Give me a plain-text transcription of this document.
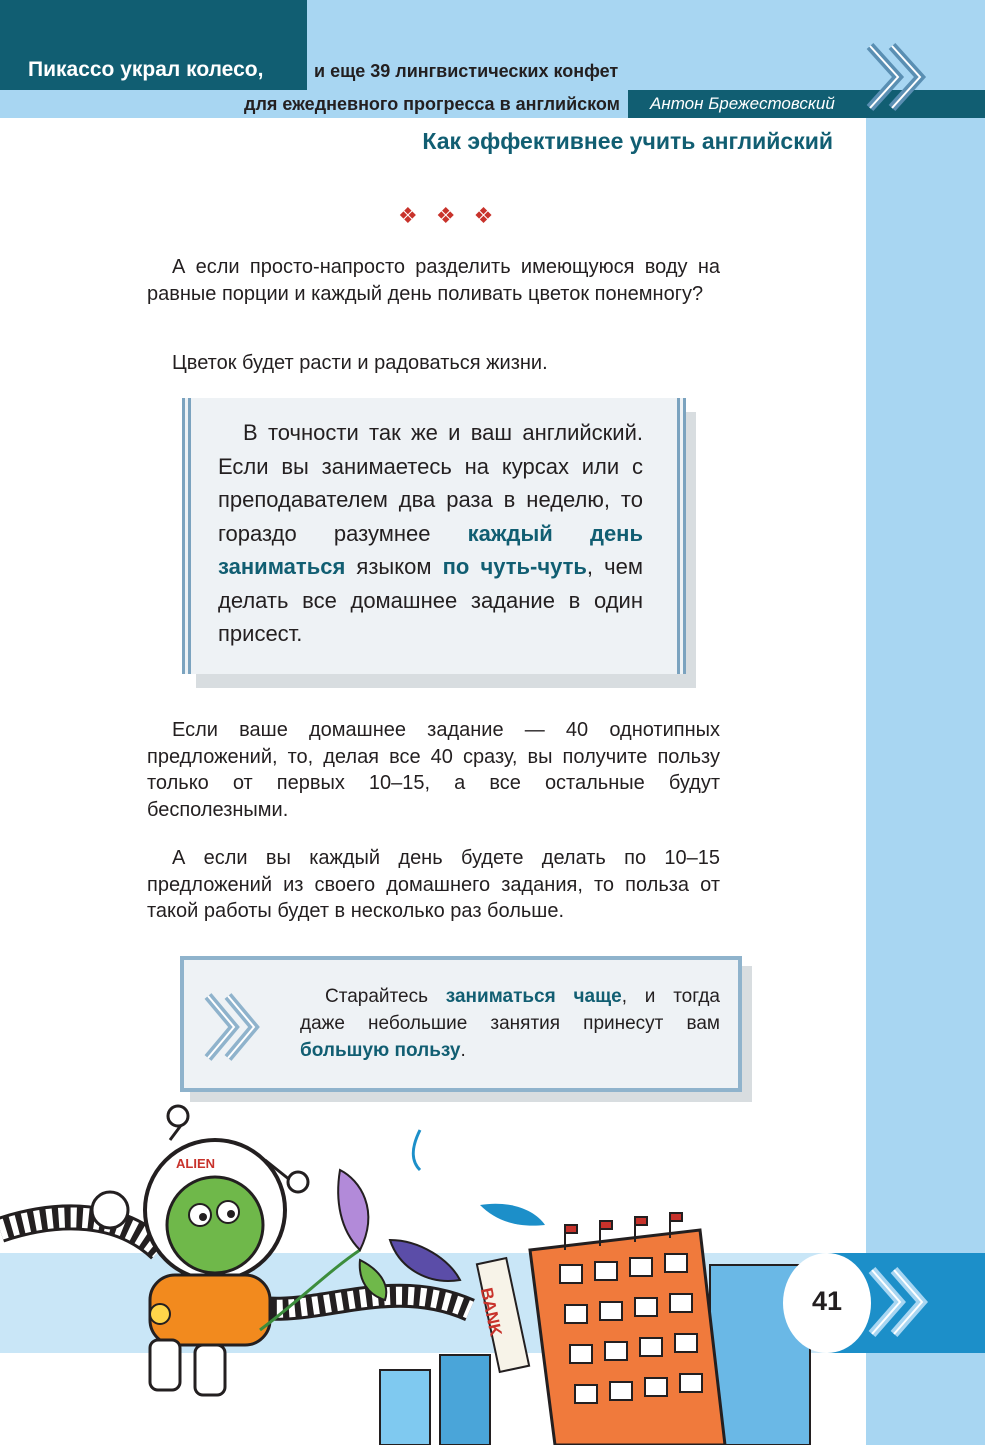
Пикассо украл колесо,	и еще 39 лингвистических конфет
для ежедневного прогресса в английском Антон Брежестовский
Как эффективнее учить английский
❖ ❖ ❖

А если просто-напросто разделить имеющуюся воду на равные порции и каждый день поливать цветок понемногу?

Цветок будет расти и радоваться жизни.

В точности так же и ваш английский. Если вы занимаетесь на курсах или с преподавателем два раза в неделю, то гораздо разумнее каждый день заниматься языком по чуть-чуть, чем делать все домашнее задание в один присест.

Если ваше домашнее задание — 40 однотипных предложений, то, делая все 40 сразу, вы получите пользу только от первых 10–15, а все остальные будут бесполезными.

А если вы каждый день будете делать по 10–15 предложений из своего домашнего задания, то польза от такой работы будет в несколько раз больше.

Старайтесь заниматься чаще, и тогда даже небольшие занятия принесут вам большую пользу.

ALIEN
BANK	41
